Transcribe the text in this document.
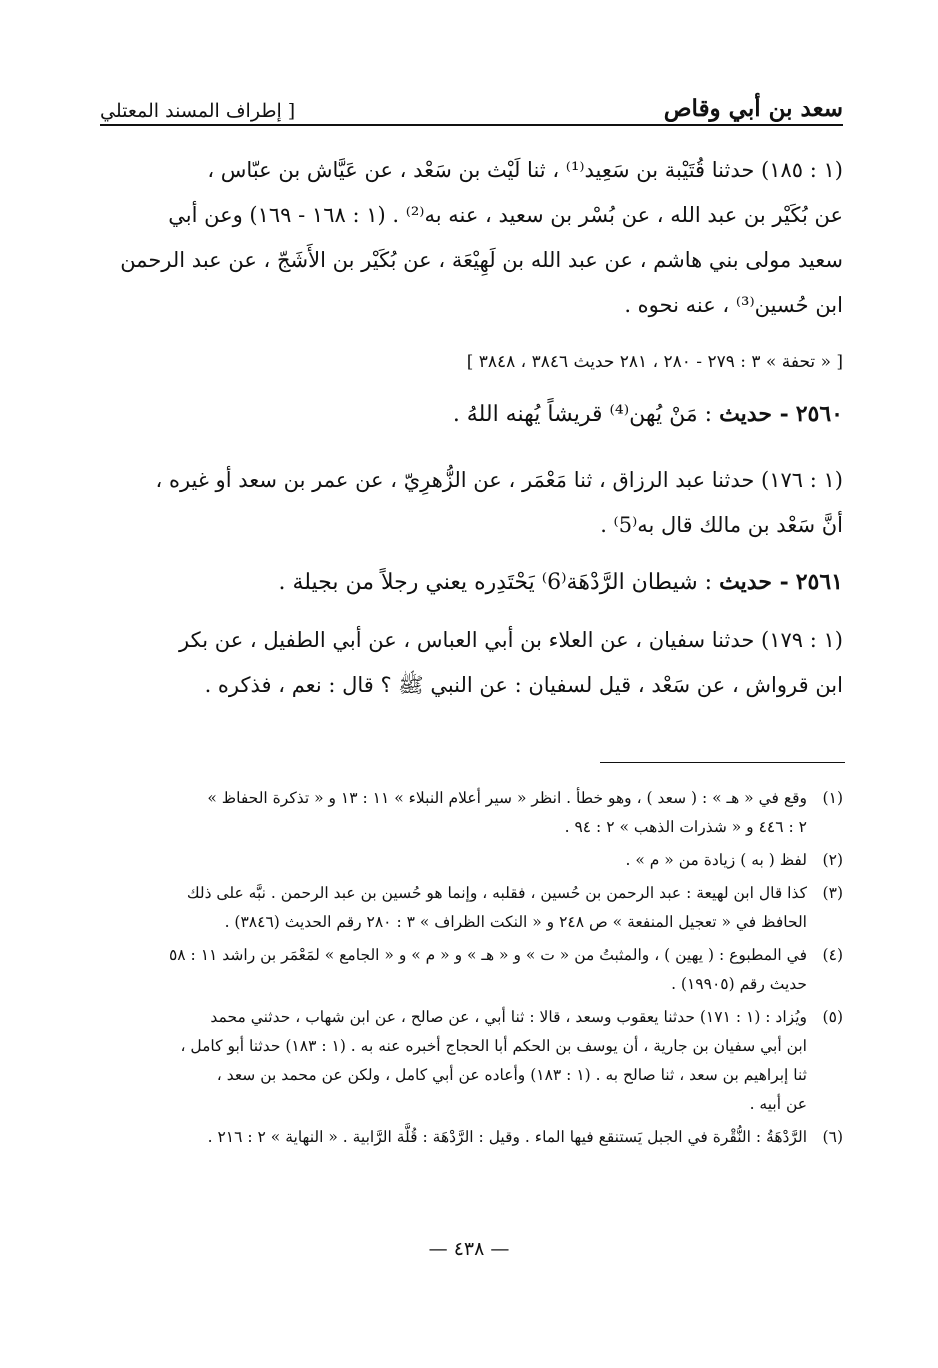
سعد بن أبي وقاص
[ إطراف المسند المعتلي

(١ : ١٨٥) حدثنا قُتَيْبة بن سَعِيد⁽¹⁾ ، ثنا لَيْث بن سَعْد ، عن عَيَّاش بن عبّاس ،

عن بُكَيْر بن عبد الله ، عن بُسْر بن سعيد ، عنه به⁽²⁾ . (١ : ١٦٨ - ١٦٩) وعن أبي

سعيد مولى بني هاشم ، عن عبد الله بن لَهِيْعَة ، عن بُكَيْر بن الأَشَجّ ، عن عبد الرحمن

ابن حُسين⁽³⁾ ، عنه نحوه .

[ « تحفة » ٣ : ٢٧٩ - ٢٨٠ ، ٢٨١ حديث ٣٨٤٦ ، ٣٨٤٨ ]

٢٥٦٠ - حديث : مَنْ يُهن⁽⁴⁾ قريشاً يُهنه اللهُ .

(١ : ١٧٦) حدثنا عبد الرزاق ، ثنا مَعْمَر ، عن الزُّهرِيّ ، عن عمر بن سعد أو غيره ،

أنَّ سَعْد بن مالك قال به⁽5⁾ .

٢٥٦١ - حديث : شيطان الرَّدْهَة⁽6⁾ يَحْتَدِره يعني رجلاً من بجيلة .

(١ : ١٧٩) حدثنا سفيان ، عن العلاء بن أبي العباس ، عن أبي الطفيل ، عن بكر

ابن قرواش ، عن سَعْد ، قيل لسفيان : عن النبي ﷺ ؟ قال : نعم ، فذكره .

(١)
وقع في « هـ » : ( سعد ) ، وهو خطأ . انظر « سير أعلام النبلاء » ١١ : ١٣ و « تذكرة الحفاظ »
٢ : ٤٤٦ و « شذرات الذهب » ٢ : ٩٤ .
(٢)
لفظ ( به ) زيادة من « م » .
(٣)
كذا قال ابن لهيعة : عبد الرحمن بن حُسين ، فقلبه ، وإنما هو حُسين بن عبد الرحمن . نبَّه على ذلك
الحافظ في « تعجيل المنفعة » ص ٢٤٨ و « النكت الظراف » ٣ : ٢٨٠ رقم الحديث (٣٨٤٦) .
(٤)
في المطبوع : ( يهين ) ، والمثبتُ من « ت » و « هـ » و « م » و « الجامع » لمَعْمَر بن راشد ١١ : ٥٨
حديث رقم (١٩٩٠٥) .
(٥)
ويُزاد : (١ : ١٧١) حدثنا يعقوب وسعد ، قالا : ثنا أبي ، عن صالح ، عن ابن شهاب ، حدثني محمد
ابن أبي سفيان بن جارية ، أن يوسف بن الحكم أبا الحجاج أخبره عنه به . (١ : ١٨٣) حدثنا أبو كامل ،
ثنا إبراهيم بن سعد ، ثنا صالح به . (١ : ١٨٣) وأعاده عن أبي كامل ، ولكن عن محمد بن سعد ،
عن أبيه .
(٦)
الرَّدْهَةُ : النُّقْرة في الجبل يَستنقع فيها الماء . وقيل : الرَّدْهَة : قُلَّة الرَّابية . « النهاية » ٢ : ٢١٦ .
— ٤٣٨ —
